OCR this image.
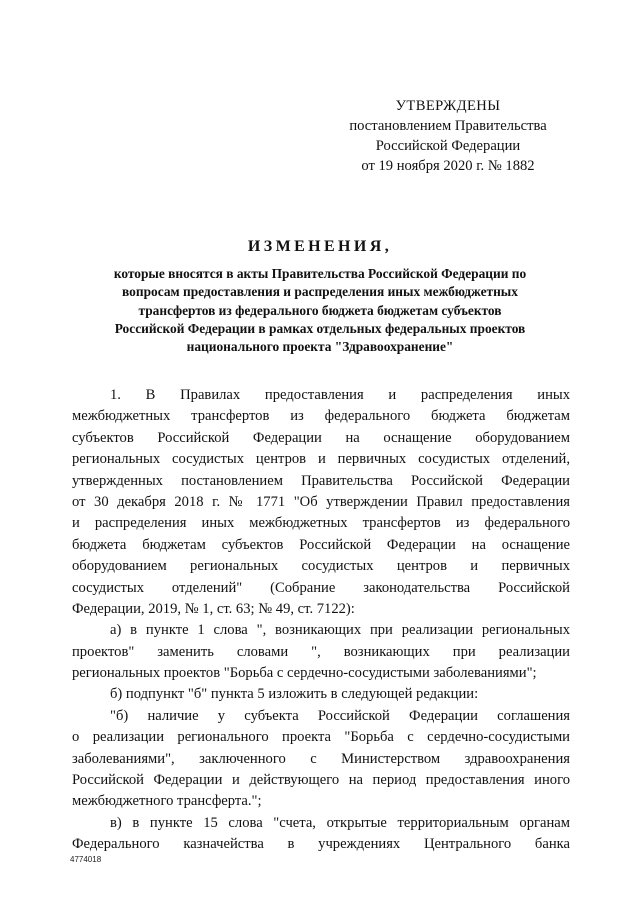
УТВЕРЖДЕНЫ
постановлением Правительства
Российской Федерации
от 19 ноября 2020 г. № 1882
ИЗМЕНЕНИЯ,
которые вносятся в акты Правительства Российской Федерации по
вопросам предоставления и распределения иных межбюджетных
трансфертов из федерального бюджета бюджетам субъектов
Российской Федерации в рамках отдельных федеральных проектов
национального проекта "Здравоохранение"
1. В Правилах предоставления и распределения иных
межбюджетных трансфертов из федерального бюджета бюджетам
субъектов Российской Федерации на оснащение оборудованием
региональных сосудистых центров и первичных сосудистых отделений,
утвержденных постановлением Правительства Российской Федерации
от 30 декабря 2018 г. № 1771 "Об утверждении Правил предоставления
и распределения иных межбюджетных трансфертов из федерального
бюджета бюджетам субъектов Российской Федерации на оснащение
оборудованием региональных сосудистых центров и первичных
сосудистых отделений" (Собрание законодательства Российской
Федерации, 2019, № 1, ст. 63; № 49, ст. 7122):
а) в пункте 1 слова ", возникающих при реализации региональных
проектов" заменить словами ", возникающих при реализации
региональных проектов "Борьба с сердечно-сосудистыми заболеваниями";
б) подпункт "б" пункта 5 изложить в следующей редакции:
"б) наличие у субъекта Российской Федерации соглашения
о реализации регионального проекта "Борьба с сердечно-сосудистыми
заболеваниями", заключенного с Министерством здравоохранения
Российской Федерации и действующего на период предоставления иного
межбюджетного трансферта.";
в) в пункте 15 слова "счета, открытые территориальным органам
Федерального казначейства в учреждениях Центрального банка
4774018
